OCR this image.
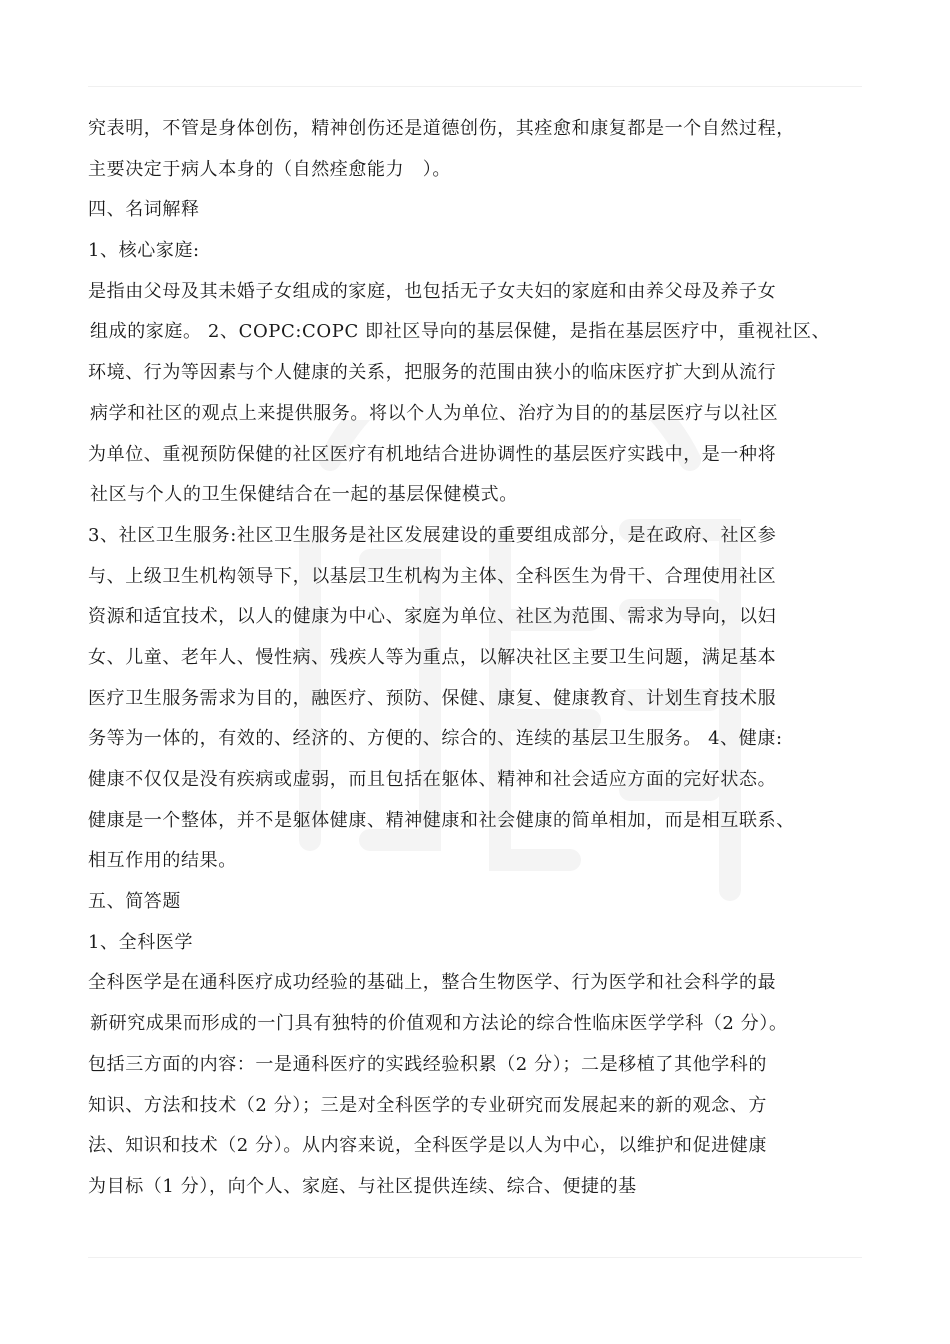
究表明，不管是身体创伤，精神创伤还是道德创伤，其痊愈和康复都是一个自然过程，
主要决定于病人本身的（自然痊愈能力　）。
四、名词解释
1、核心家庭:
是指由父母及其未婚子女组成的家庭，也包括无子女夫妇的家庭和由养父母及养子女
组成的家庭。 2、COPC:COPC 即社区导向的基层保健，是指在基层医疗中，重视社区、
环境、行为等因素与个人健康的关系，把服务的范围由狭小的临床医疗扩大到从流行
病学和社区的观点上来提供服务。将以个人为单位、治疗为目的的基层医疗与以社区
为单位、重视预防保健的社区医疗有机地结合进协调性的基层医疗实践中，是一种将
社区与个人的卫生保健结合在一起的基层保健模式。
3、社区卫生服务:社区卫生服务是社区发展建设的重要组成部分，是在政府、社区参
与、上级卫生机构领导下，以基层卫生机构为主体、全科医生为骨干、合理使用社区
资源和适宜技术，以人的健康为中心、家庭为单位、社区为范围、需求为导向，以妇
女、儿童、老年人、慢性病、残疾人等为重点，以解决社区主要卫生问题，满足基本
医疗卫生服务需求为目的，融医疗、预防、保健、康复、健康教育、计划生育技术服
务等为一体的，有效的、经济的、方便的、综合的、连续的基层卫生服务。 4、健康:
健康不仅仅是没有疾病或虚弱，而且包括在躯体、精神和社会适应方面的完好状态。
健康是一个整体，并不是躯体健康、精神健康和社会健康的简单相加，而是相互联系、
相互作用的结果。
五、简答题
1、全科医学
全科医学是在通科医疗成功经验的基础上，整合生物医学、行为医学和社会科学的最
新研究成果而形成的一门具有独特的价值观和方法论的综合性临床医学学科（2 分）。
包括三方面的内容：一是通科医疗的实践经验积累（2 分）；二是移植了其他学科的
知识、方法和技术（2 分）；三是对全科医学的专业研究而发展起来的新的观念、方
法、知识和技术（2 分）。从内容来说，全科医学是以人为中心，以维护和促进健康
为目标（1 分），向个人、家庭、与社区提供连续、综合、便捷的基
